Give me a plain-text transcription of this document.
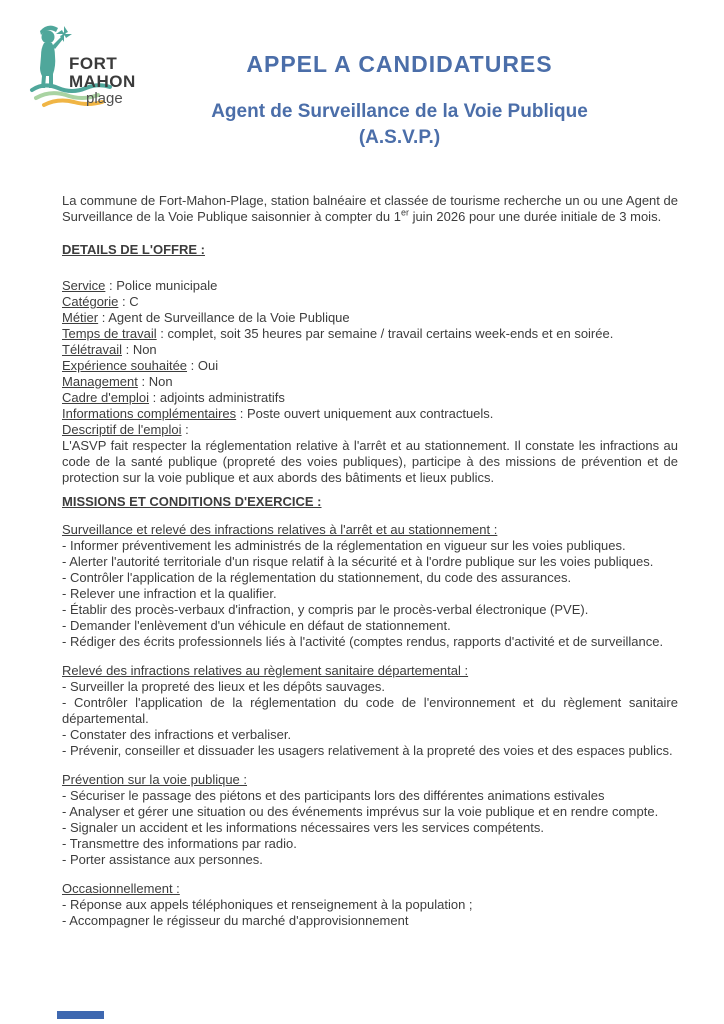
FORT
MAHON
plage
APPEL A CANDIDATURES
Agent de Surveillance de la Voie Publique
(A.S.V.P.)
La commune de Fort-Mahon-Plage, station balnéaire et classée de tourisme recherche un ou une Agent de Surveillance de la Voie Publique saisonnier à compter du 1er juin 2026 pour une durée initiale de 3 mois.
DETAILS DE L'OFFRE :
Service : Police municipale
Catégorie : C
Métier : Agent de Surveillance de la Voie Publique
Temps de travail : complet, soit 35 heures par semaine / travail certains week-ends et en soirée.
Télétravail : Non
Expérience souhaitée : Oui
Management : Non
Cadre d'emploi : adjoints administratifs
Informations complémentaires : Poste ouvert uniquement aux contractuels.
Descriptif de l'emploi :
L'ASVP fait respecter la réglementation relative à l'arrêt et au stationnement. Il constate les infractions au code de la santé publique (propreté des voies publiques), participe à des missions de prévention et de protection sur la voie publique et aux abords des bâtiments et lieux publics.
MISSIONS ET CONDITIONS D'EXERCICE :
Surveillance et relevé des infractions relatives à l'arrêt et au stationnement :
- Informer préventivement les administrés de la réglementation en vigueur sur les voies publiques.
- Alerter l'autorité territoriale d'un risque relatif à la sécurité et à l'ordre publique sur les voies publiques.
- Contrôler l'application de la réglementation du stationnement, du code des assurances.
- Relever une infraction et la qualifier.
- Établir des procès-verbaux d'infraction, y compris par le procès-verbal électronique (PVE).
- Demander l'enlèvement d'un véhicule en défaut de stationnement.
- Rédiger des écrits professionnels liés à l'activité (comptes rendus, rapports d'activité et de surveillance.
Relevé des infractions relatives au règlement sanitaire départemental :
- Surveiller la propreté des lieux et les dépôts sauvages.
- Contrôler l'application de la réglementation du code de l'environnement et du règlement sanitaire départemental.
- Constater des infractions et verbaliser.
- Prévenir, conseiller et dissuader les usagers relativement à la propreté des voies et des espaces publics.
Prévention sur la voie publique :
- Sécuriser le passage des piétons et des participants lors des différentes animations estivales
- Analyser et gérer une situation ou des événements imprévus sur la voie publique et en rendre compte.
- Signaler un accident et les informations nécessaires vers les services compétents.
- Transmettre des informations par radio.
- Porter assistance aux personnes.
Occasionnellement :
- Réponse aux appels téléphoniques et renseignement à la population ;
- Accompagner le régisseur du marché d'approvisionnement
